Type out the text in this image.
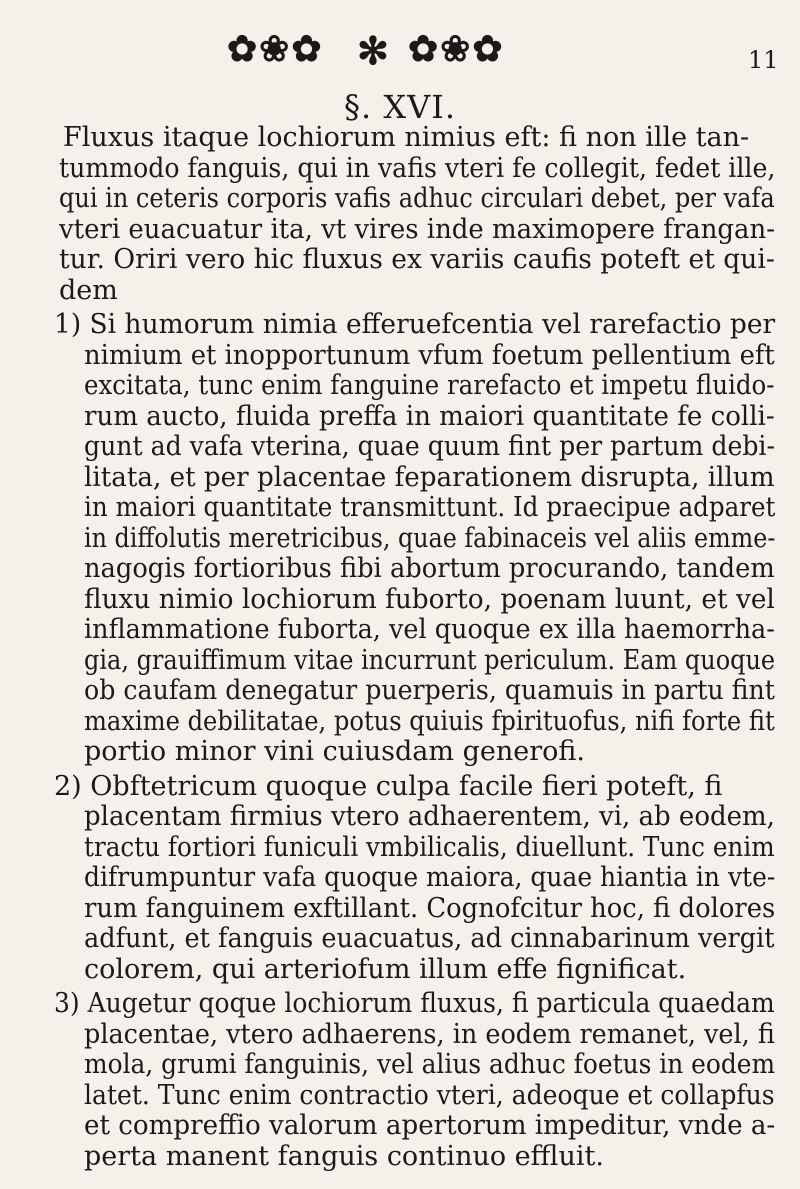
✿❀✿ ✻ ✿❀✿	11
§. XVI.
Fluxus itaque lochiorum nimius eft: fi non ille tan-
tummodo fanguis, qui in vafis vteri fe collegit, fedet ille,
qui in ceteris corporis vafis adhuc circulari debet, per vafa
vteri euacuatur ita, vt vires inde maximopere frangan-
tur. Oriri vero hic fluxus ex variis caufis poteft et qui-
dem
1) Si humorum nimia efferuefcentia vel rarefactio per
nimium et inopportunum vfum foetum pellentium eft
excitata, tunc enim fanguine rarefacto et impetu fluido-
rum aucto, fluida preffa in maiori quantitate fe colli-
gunt ad vafa vterina, quae quum fint per partum debi-
litata, et per placentae feparationem disrupta, illum
in maiori quantitate transmittunt. Id praecipue adparet
in diffolutis meretricibus, quae fabinaceis vel aliis emme-
nagogis fortioribus fibi abortum procurando, tandem
fluxu nimio lochiorum fuborto, poenam luunt, et vel
inflammatione fuborta, vel quoque ex illa haemorrha-
gia, grauiffimum vitae incurrunt periculum. Eam quoque
ob caufam denegatur puerperis, quamuis in partu fint
maxime debilitatae, potus quiuis fpirituofus, nifi forte fit
portio minor vini cuiusdam generofi.
2) Obftetricum quoque culpa facile fieri poteft, fi
placentam firmius vtero adhaerentem, vi, ab eodem,
tractu fortiori funiculi vmbilicalis, diuellunt. Tunc enim
difrumpuntur vafa quoque maiora, quae hiantia in vte-
rum fanguinem exftillant. Cognofcitur hoc, fi dolores
adfunt, et fanguis euacuatus, ad cinnabarinum vergit
colorem, qui arteriofum illum effe fignificat.
3) Augetur qoque lochiorum fluxus, fi particula quaedam
placentae, vtero adhaerens, in eodem remanet, vel, fi
mola, grumi fanguinis, vel alius adhuc foetus in eodem
latet. Tunc enim contractio vteri, adeoque et collapfus
et compreffio valorum apertorum impeditur, vnde a-
perta manent fanguis continuo effluit.
